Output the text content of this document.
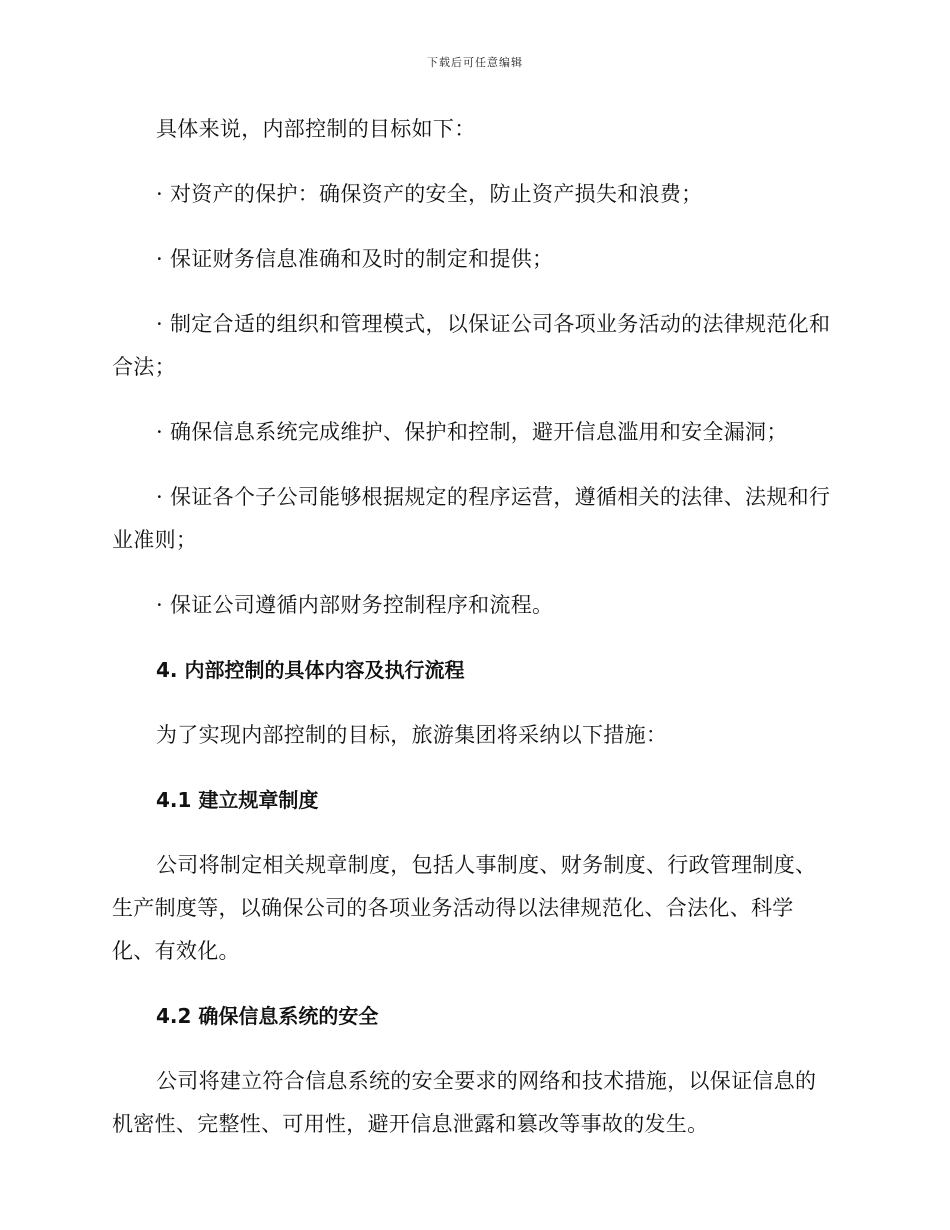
下载后可任意编辑

具体来说，内部控制的目标如下：

· 对资产的保护：确保资产的安全，防止资产损失和浪费；

· 保证财务信息准确和及时的制定和提供；

· 制定合适的组织和管理模式，以保证公司各项业务活动的法律规范化和合法；

· 确保信息系统完成维护、保护和控制，避开信息滥用和安全漏洞；

· 保证各个子公司能够根据规定的程序运营，遵循相关的法律、法规和行业准则；

· 保证公司遵循内部财务控制程序和流程。

4. 内部控制的具体内容及执行流程

为了实现内部控制的目标，旅游集团将采纳以下措施：

4.1 建立规章制度

公司将制定相关规章制度，包括人事制度、财务制度、行政管理制度、生产制度等，以确保公司的各项业务活动得以法律规范化、合法化、科学化、有效化。

4.2 确保信息系统的安全

公司将建立符合信息系统的安全要求的网络和技术措施，以保证信息的机密性、完整性、可用性，避开信息泄露和篡改等事故的发生。
